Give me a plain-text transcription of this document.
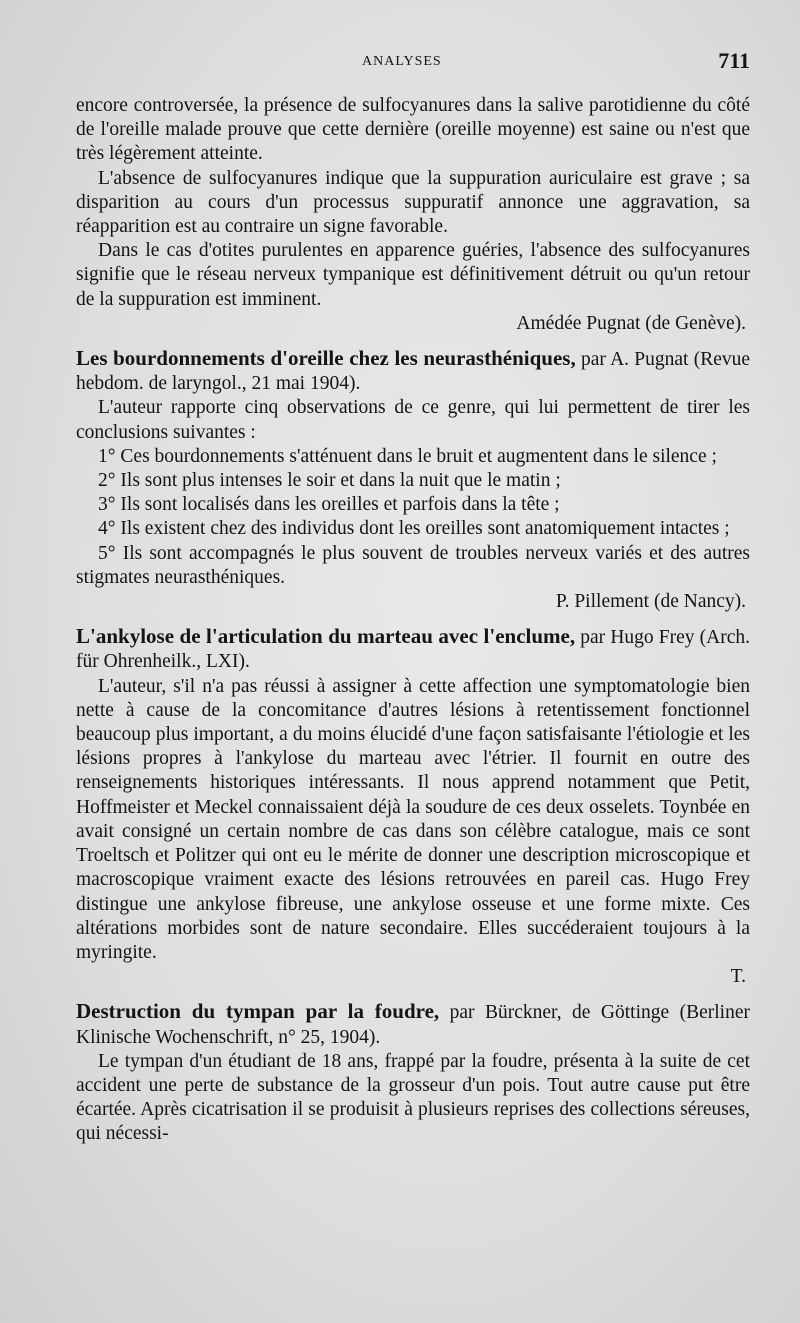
ANALYSES	711

encore controversée, la présence de sulfocyanures dans la salive parotidienne du côté de l'oreille malade prouve que cette dernière (oreille moyenne) est saine ou n'est que très légèrement atteinte.

L'absence de sulfocyanures indique que la suppuration auriculaire est grave ; sa disparition au cours d'un processus suppuratif annonce une aggravation, sa réapparition est au contraire un signe favorable.

Dans le cas d'otites purulentes en apparence guéries, l'absence des sulfocyanures signifie que le réseau nerveux tympanique est définitivement détruit ou qu'un retour de la suppuration est imminent.

Amédée Pugnat (de Genève).

Les bourdonnements d'oreille chez les neurasthéniques, par A. Pugnat (Revue hebdom. de laryngol., 21 mai 1904).

L'auteur rapporte cinq observations de ce genre, qui lui permettent de tirer les conclusions suivantes :

1° Ces bourdonnements s'atténuent dans le bruit et augmentent dans le silence ;

2° Ils sont plus intenses le soir et dans la nuit que le matin ;

3° Ils sont localisés dans les oreilles et parfois dans la tête ;

4° Ils existent chez des individus dont les oreilles sont anatomiquement intactes ;

5° Ils sont accompagnés le plus souvent de troubles nerveux variés et des autres stigmates neurasthéniques.

P. Pillement (de Nancy).

L'ankylose de l'articulation du marteau avec l'enclume, par Hugo Frey (Arch. für Ohrenheilk., LXI).

L'auteur, s'il n'a pas réussi à assigner à cette affection une symptomatologie bien nette à cause de la concomitance d'autres lésions à retentissement fonctionnel beaucoup plus important, a du moins élucidé d'une façon satisfaisante l'étiologie et les lésions propres à l'ankylose du marteau avec l'étrier. Il fournit en outre des renseignements historiques intéressants. Il nous apprend notamment que Petit, Hoffmeister et Meckel connaissaient déjà la soudure de ces deux osselets. Toynbée en avait consigné un certain nombre de cas dans son célèbre catalogue, mais ce sont Troeltsch et Politzer qui ont eu le mérite de donner une description microscopique et macroscopique vraiment exacte des lésions retrouvées en pareil cas. Hugo Frey distingue une ankylose fibreuse, une ankylose osseuse et une forme mixte. Ces altérations morbides sont de nature secondaire. Elles succéderaient toujours à la myringite.

T.

Destruction du tympan par la foudre, par Bürckner, de Göttinge (Berliner Klinische Wochenschrift, n° 25, 1904).

Le tympan d'un étudiant de 18 ans, frappé par la foudre, présenta à la suite de cet accident une perte de substance de la grosseur d'un pois. Tout autre cause put être écartée. Après cicatrisation il se produisit à plusieurs reprises des collections séreuses, qui nécessi-
